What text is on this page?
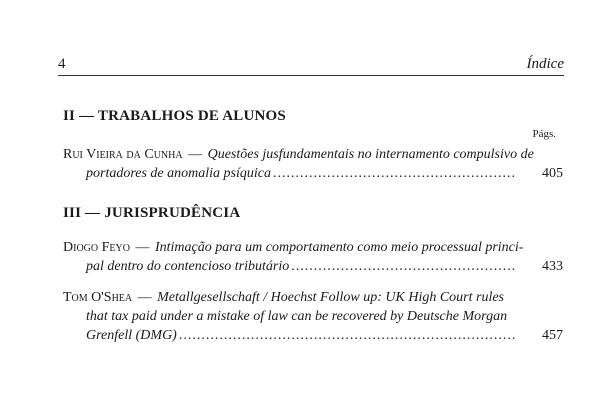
4	Índice
II — TRABALHOS DE ALUNOS
Págs.
Rui Vieira da Cunha — Questões jusfundamentais no internamento compulsivo de
portadores de anomalia psíquica .....	405
III — JURISPRUDÊNCIA
Diogo Feyo — Intimação para um comportamento como meio processual princi-
pal dentro do contencioso tributário .....	433
Tom O'Shea — Metallgesellschaft / Hoechst Follow up: UK High Court rules
that tax paid under a mistake of law can be recovered by Deutsche Morgan
Grenfell (DMG) .....	457
